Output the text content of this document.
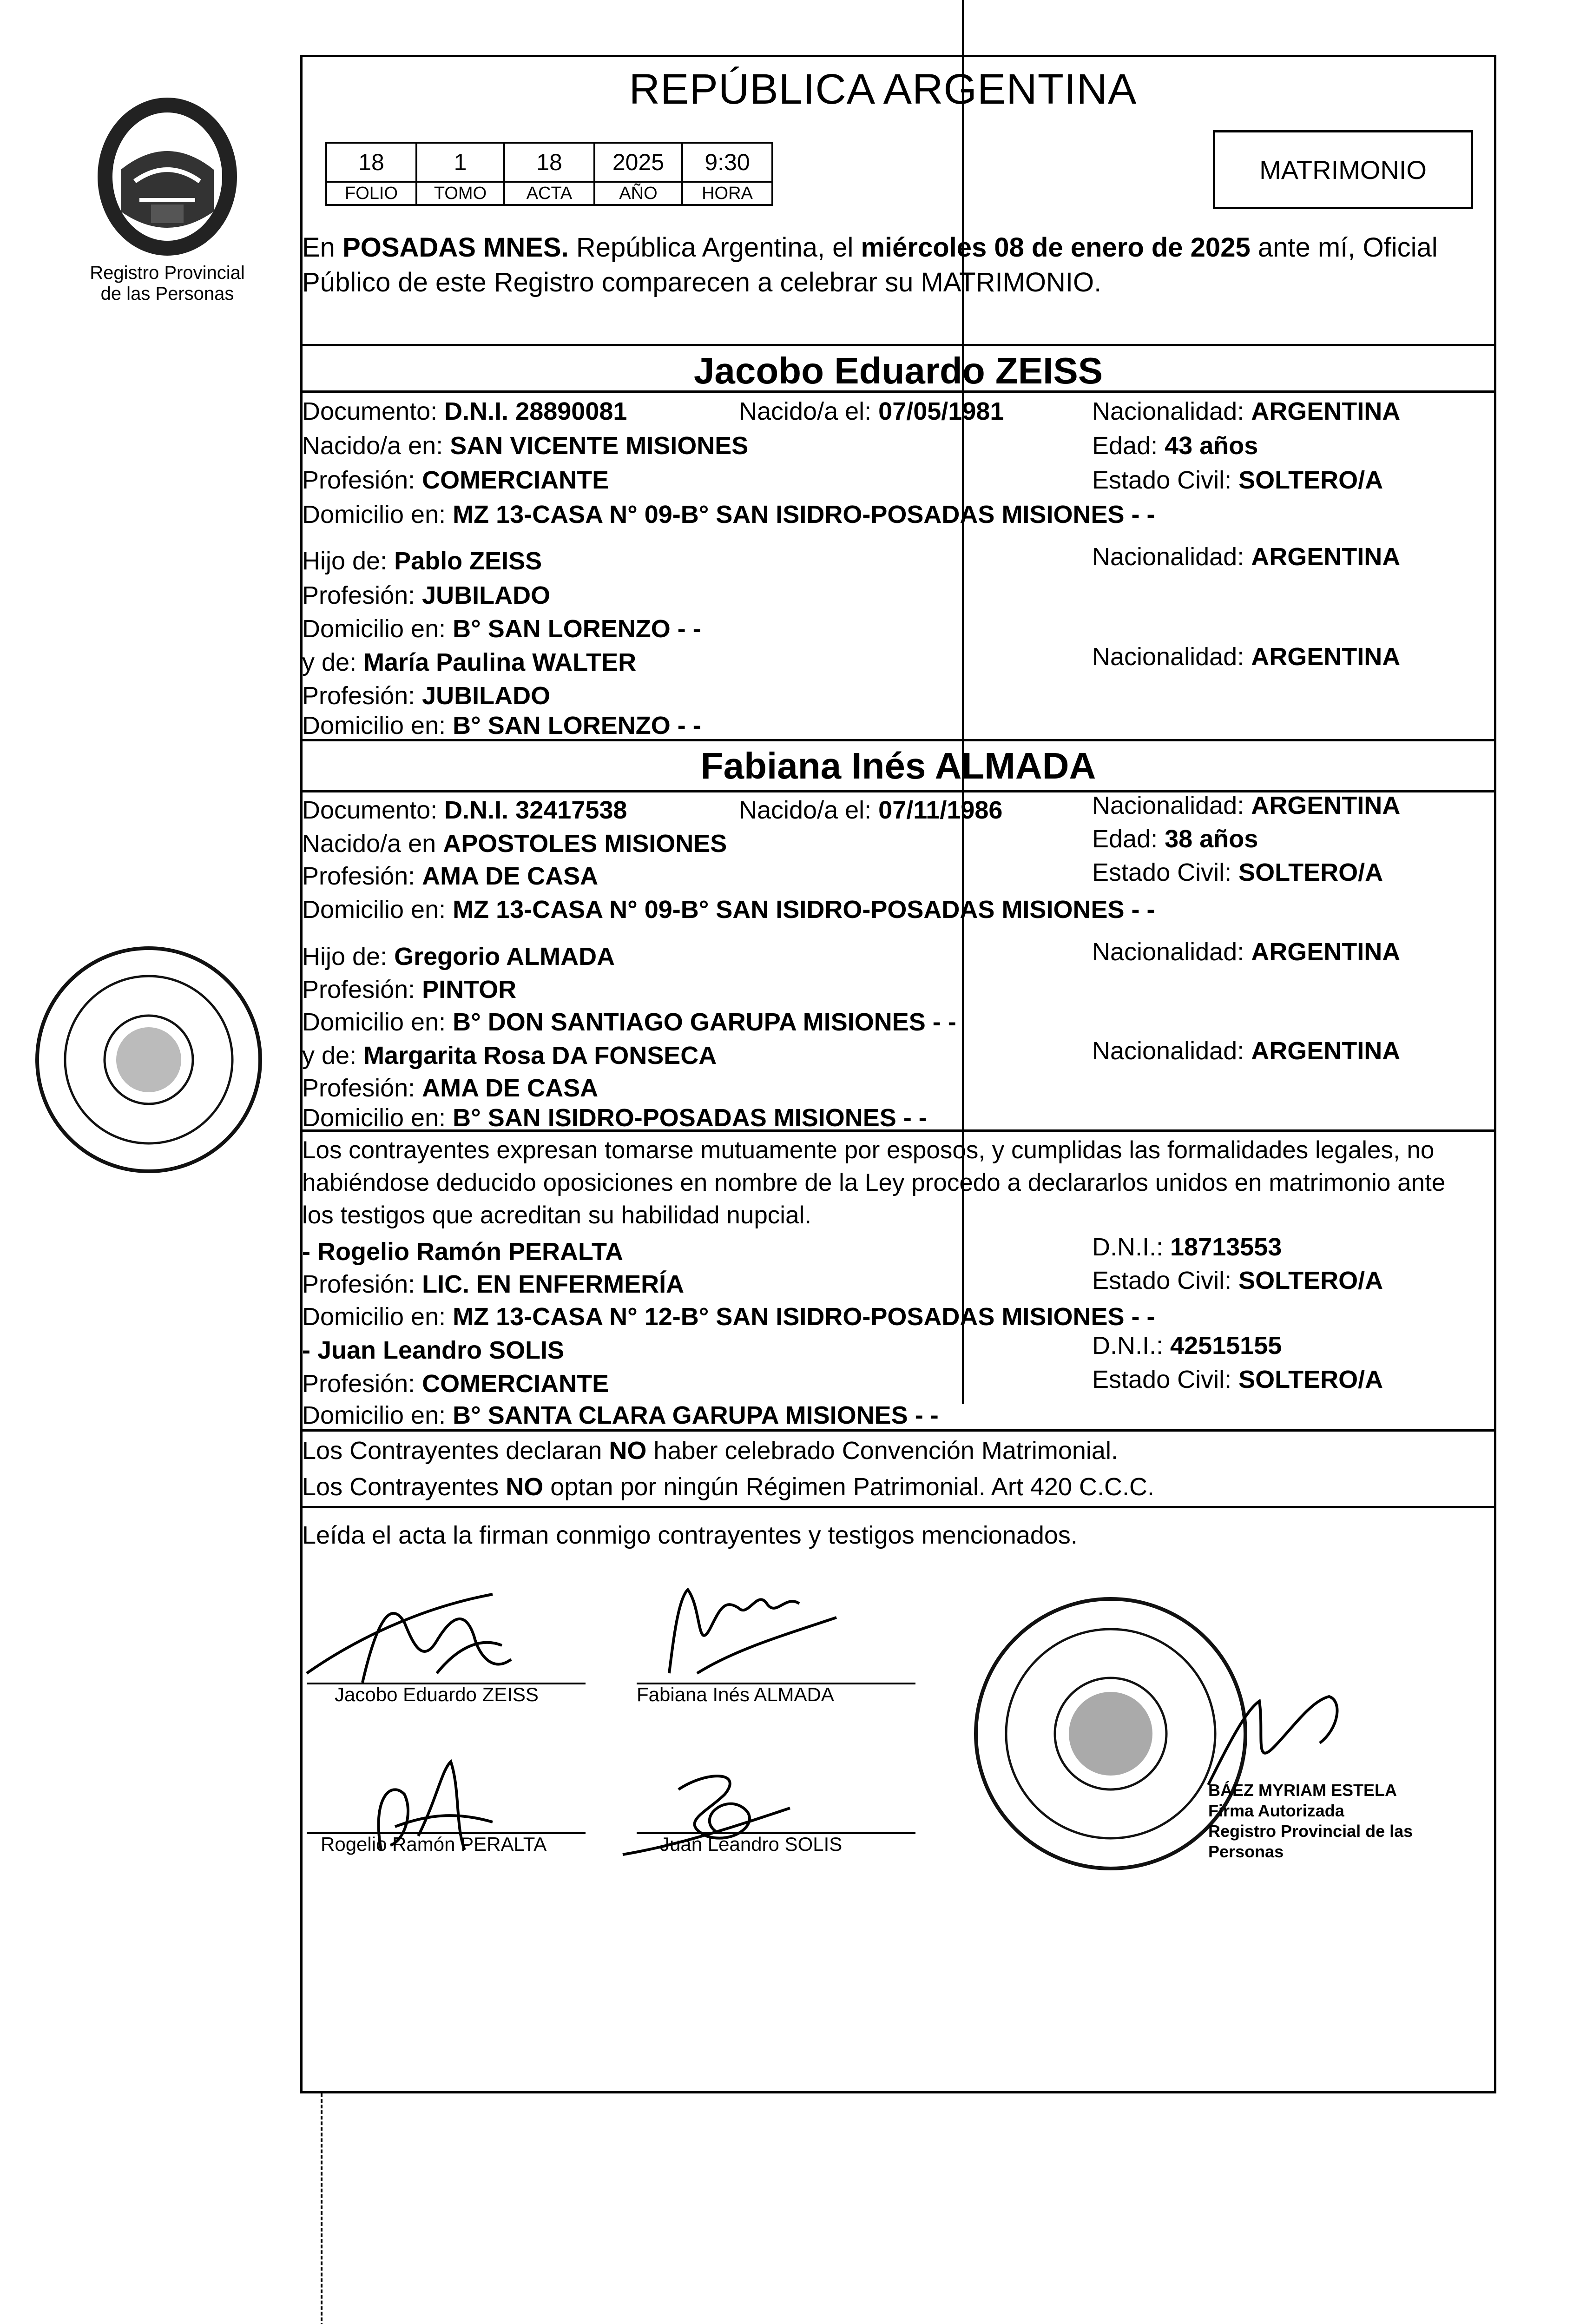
Registro Provincial
de las Personas
REPÚBLICA ARGENTINA
18	1	18	2025	9:30
FOLIO	TOMO	ACTA	AÑO	HORA
MATRIMONIO
En POSADAS MNES. República Argentina, el miércoles 08 de enero de 2025 ante mí, Oficial
Público de este Registro comparecen a celebrar su MATRIMONIO.
Jacobo Eduardo ZEISS
Documento: D.N.I. 28890081	Nacido/a el: 07/05/1981	Nacionalidad: ARGENTINA
Nacido/a en: SAN VICENTE MISIONES	Edad: 43 años
Profesión: COMERCIANTE	Estado Civil: SOLTERO/A
Domicilio en: MZ 13-CASA N° 09-B° SAN ISIDRO-POSADAS MISIONES - -
Hijo de: Pablo ZEISS	Nacionalidad: ARGENTINA
Profesión: JUBILADO
Domicilio en: B° SAN LORENZO - -
y de: María Paulina WALTER	Nacionalidad: ARGENTINA
Profesión: JUBILADO
Domicilio en: B° SAN LORENZO - -
Fabiana Inés ALMADA
Documento: D.N.I. 32417538	Nacido/a el: 07/11/1986	Nacionalidad: ARGENTINA
Nacido/a en APOSTOLES MISIONES	Edad: 38 años
Profesión: AMA DE CASA	Estado Civil: SOLTERO/A
Domicilio en: MZ 13-CASA N° 09-B° SAN ISIDRO-POSADAS MISIONES - -
Hijo de: Gregorio ALMADA	Nacionalidad: ARGENTINA
Profesión: PINTOR
Domicilio en: B° DON SANTIAGO GARUPA MISIONES - -
y de: Margarita Rosa DA FONSECA	Nacionalidad: ARGENTINA
Profesión: AMA DE CASA
Domicilio en: B° SAN ISIDRO-POSADAS MISIONES - -
Los contrayentes expresan tomarse mutuamente por esposos, y cumplidas las formalidades legales, no
habiéndose deducido oposiciones en nombre de la Ley procedo a declararlos unidos en matrimonio ante
los testigos que acreditan su habilidad nupcial.
- Rogelio Ramón PERALTA	D.N.I.: 18713553
Profesión: LIC. EN ENFERMERÍA	Estado Civil: SOLTERO/A
Domicilio en: MZ 13-CASA N° 12-B° SAN ISIDRO-POSADAS MISIONES - -
- Juan Leandro SOLIS	D.N.I.: 42515155
Profesión: COMERCIANTE	Estado Civil: SOLTERO/A
Domicilio en: B° SANTA CLARA GARUPA MISIONES - -
Los Contrayentes declaran NO haber celebrado Convención Matrimonial.
Los Contrayentes NO optan por ningún Régimen Patrimonial. Art 420 C.C.C.
Leída el acta la firman conmigo contrayentes y testigos mencionados.
Jacobo Eduardo ZEISS	Fabiana Inés ALMADA
Rogelio Ramón PERALTA	Juan Leandro SOLIS
BÁEZ MYRIAM ESTELA
Firma Autorizada
Registro Provincial de las Personas
